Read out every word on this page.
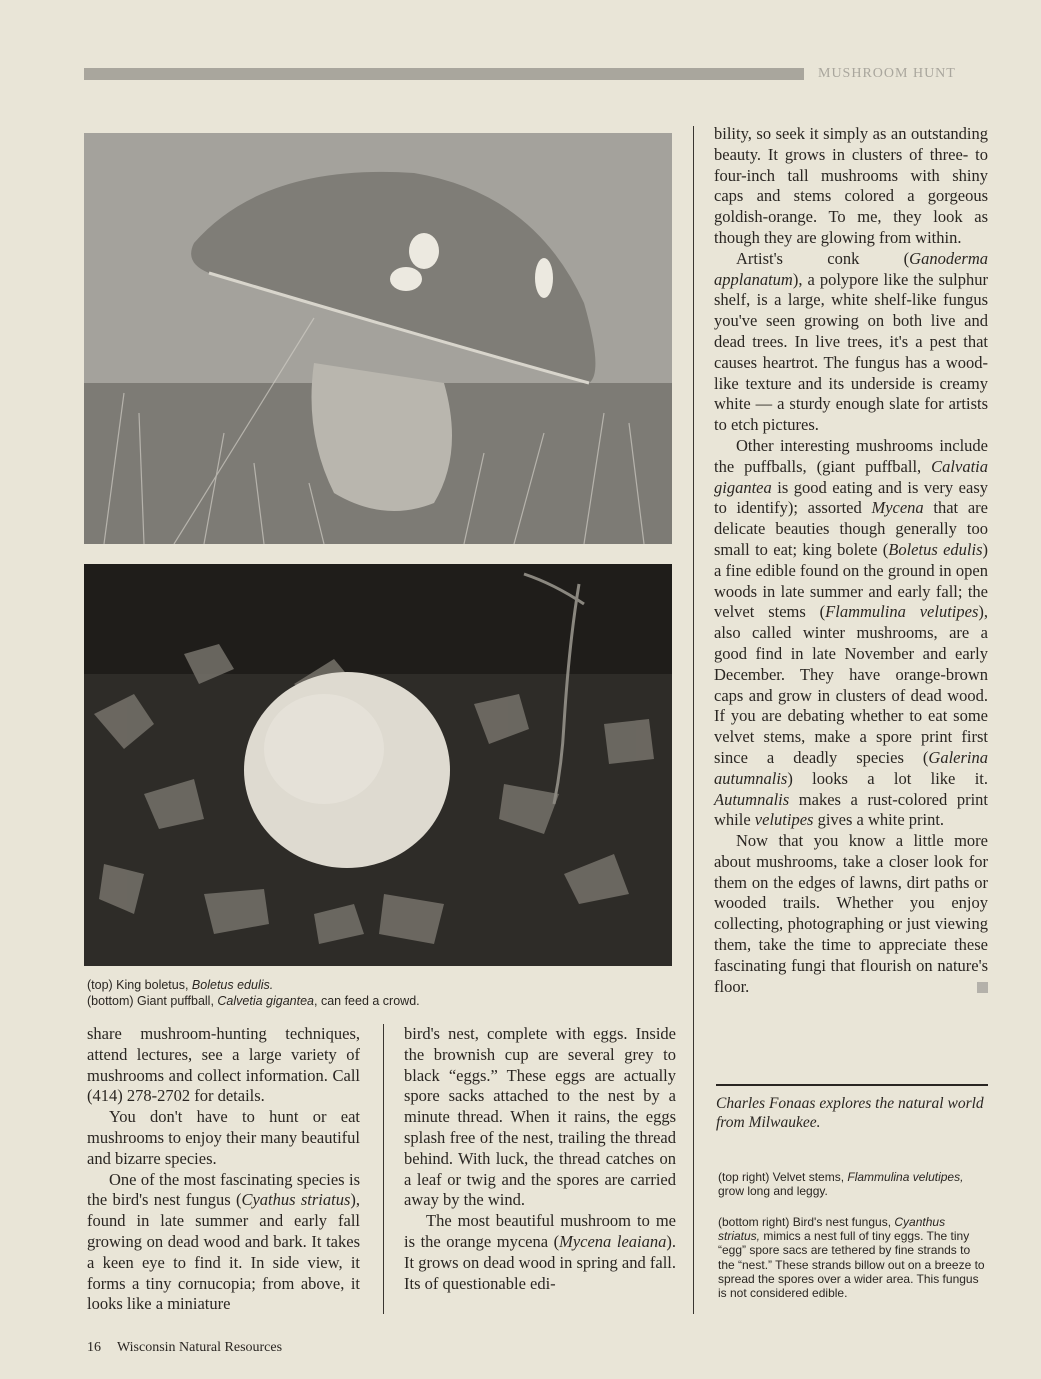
MUSHROOM HUNT
(top) King boletus, Boletus edulis.
(bottom) Giant puffball, Calvetia gigantea, can feed a crowd.

share mushroom-hunting techniques, attend lectures, see a large variety of mushrooms and collect information. Call (414) 278-2702 for details.

You don't have to hunt or eat mushrooms to enjoy their many beautiful and bizarre species.

One of the most fascinating species is the bird's nest fungus (Cyathus striatus), found in late summer and early fall growing on dead wood and bark. It takes a keen eye to find it. In side view, it forms a tiny cornucopia; from above, it looks like a miniature

bird's nest, complete with eggs. Inside the brownish cup are several grey to black “eggs.” These eggs are actually spore sacks attached to the nest by a minute thread. When it rains, the eggs splash free of the nest, trailing the thread behind. With luck, the thread catches on a leaf or twig and the spores are carried away by the wind.

The most beautiful mushroom to me is the orange mycena (Mycena leaiana). It grows on dead wood in spring and fall. Its of questionable edi-

bility, so seek it simply as an outstanding beauty. It grows in clusters of three- to four-inch tall mushrooms with shiny caps and stems colored a gorgeous goldish-orange. To me, they look as though they are glowing from within.

Artist's conk (Ganoderma applanatum), a polypore like the sulphur shelf, is a large, white shelf-like fungus you've seen growing on both live and dead trees. In live trees, it's a pest that causes heartrot. The fungus has a wood-like texture and its underside is creamy white — a sturdy enough slate for artists to etch pictures.

Other interesting mushrooms include the puffballs, (giant puffball, Calvatia gigantea is good eating and is very easy to identify); assorted Mycena that are delicate beauties though generally too small to eat; king bolete (Boletus edulis) a fine edible found on the ground in open woods in late summer and early fall; the velvet stems (Flammulina velutipes), also called winter mushrooms, are a good find in late November and early December. They have orange-brown caps and grow in clusters of dead wood. If you are debating whether to eat some velvet stems, make a spore print first since a deadly species (Galerina autumnalis) looks a lot like it. Autumnalis makes a rust-colored print while velutipes gives a white print.

Now that you know a little more about mushrooms, take a closer look for them on the edges of lawns, dirt paths or wooded trails. Whether you enjoy collecting, photographing or just viewing them, take the time to appreciate these fascinating fungi that flourish on nature's floor.

Charles Fonaas explores the natural world from Milwaukee.
(top right) Velvet stems, Flammulina velutipes, grow long and leggy.
(bottom right) Bird's nest fungus, Cyanthus striatus, mimics a nest full of tiny eggs. The tiny “egg” spore sacs are tethered by fine strands to the “nest.” These strands billow out on a breeze to spread the spores over a wider area. This fungus is not considered edible.
16 Wisconsin Natural Resources
